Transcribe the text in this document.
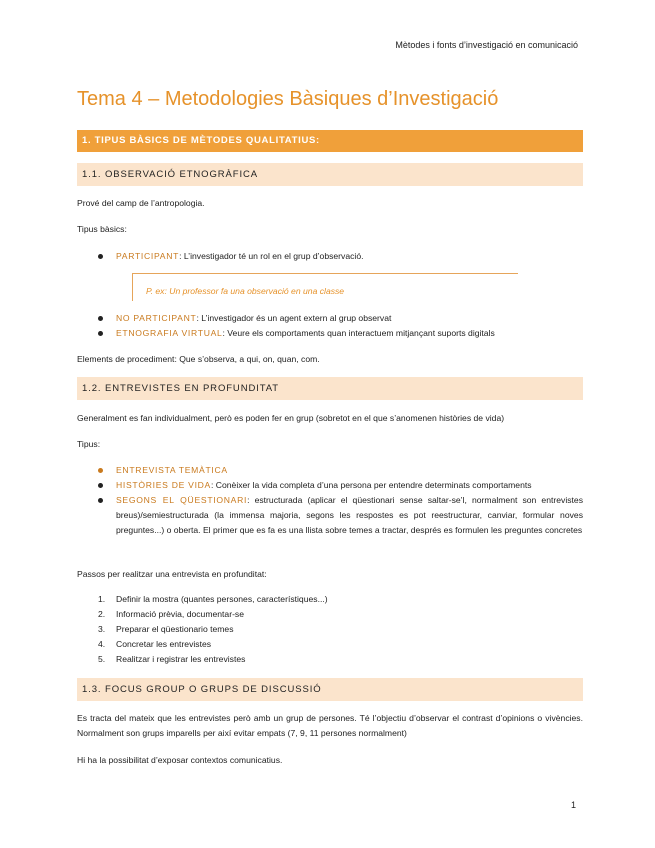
Mètodes i fonts d’investigació en comunicació
Tema 4 – Metodologies Bàsiques d’Investigació
1. TIPUS BÀSICS DE MÈTODES QUALITATIUS:
1.1. OBSERVACIÓ ETNOGRÀFICA
Prové del camp de l’antropologia.
Tipus bàsics:
PARTICIPANT: L’investigador té un rol en el grup d’observació.
P. ex: Un professor fa una observació en una classe
NO PARTICIPANT: L’investigador és un agent extern al grup observat
ETNOGRAFIA VIRTUAL: Veure els comportaments quan interactuem mitjançant suports digitals
Elements de procediment: Que s’observa, a qui, on, quan, com.
1.2. ENTREVISTES EN PROFUNDITAT
Generalment es fan individualment, però es poden fer en grup (sobretot en el que s’anomenen històries de vida)
Tipus:
ENTREVISTA TEMÀTICA
HISTÒRIES DE VIDA: Conèixer la vida completa d’una persona per entendre determinats comportaments
SEGONS EL QÜESTIONARI: estructurada (aplicar el qüestionari sense saltar-se’l, normalment son entrevistes breus)/semiestructurada (la immensa majoria, segons les respostes es pot reestructurar, canviar, formular noves preguntes...) o oberta. El primer que es fa es una llista sobre temes a tractar, després es formulen les preguntes concretes
Passos per realitzar una entrevista en profunditat:
1. Definir la mostra (quantes persones, característiques...)
2. Informació prèvia, documentar-se
3. Preparar el qüestionario temes
4. Concretar les entrevistes
5. Realitzar i registrar les entrevistes
1.3. FOCUS GROUP O GRUPS DE DISCUSSIÓ
Es tracta del mateix que les entrevistes però amb un grup de persones. Té l’objectiu d’observar el contrast d’opinions o vivències. Normalment son grups imparells per així evitar empats (7, 9, 11 persones normalment)
Hi ha la possibilitat d’exposar contextos comunicatius.
1
